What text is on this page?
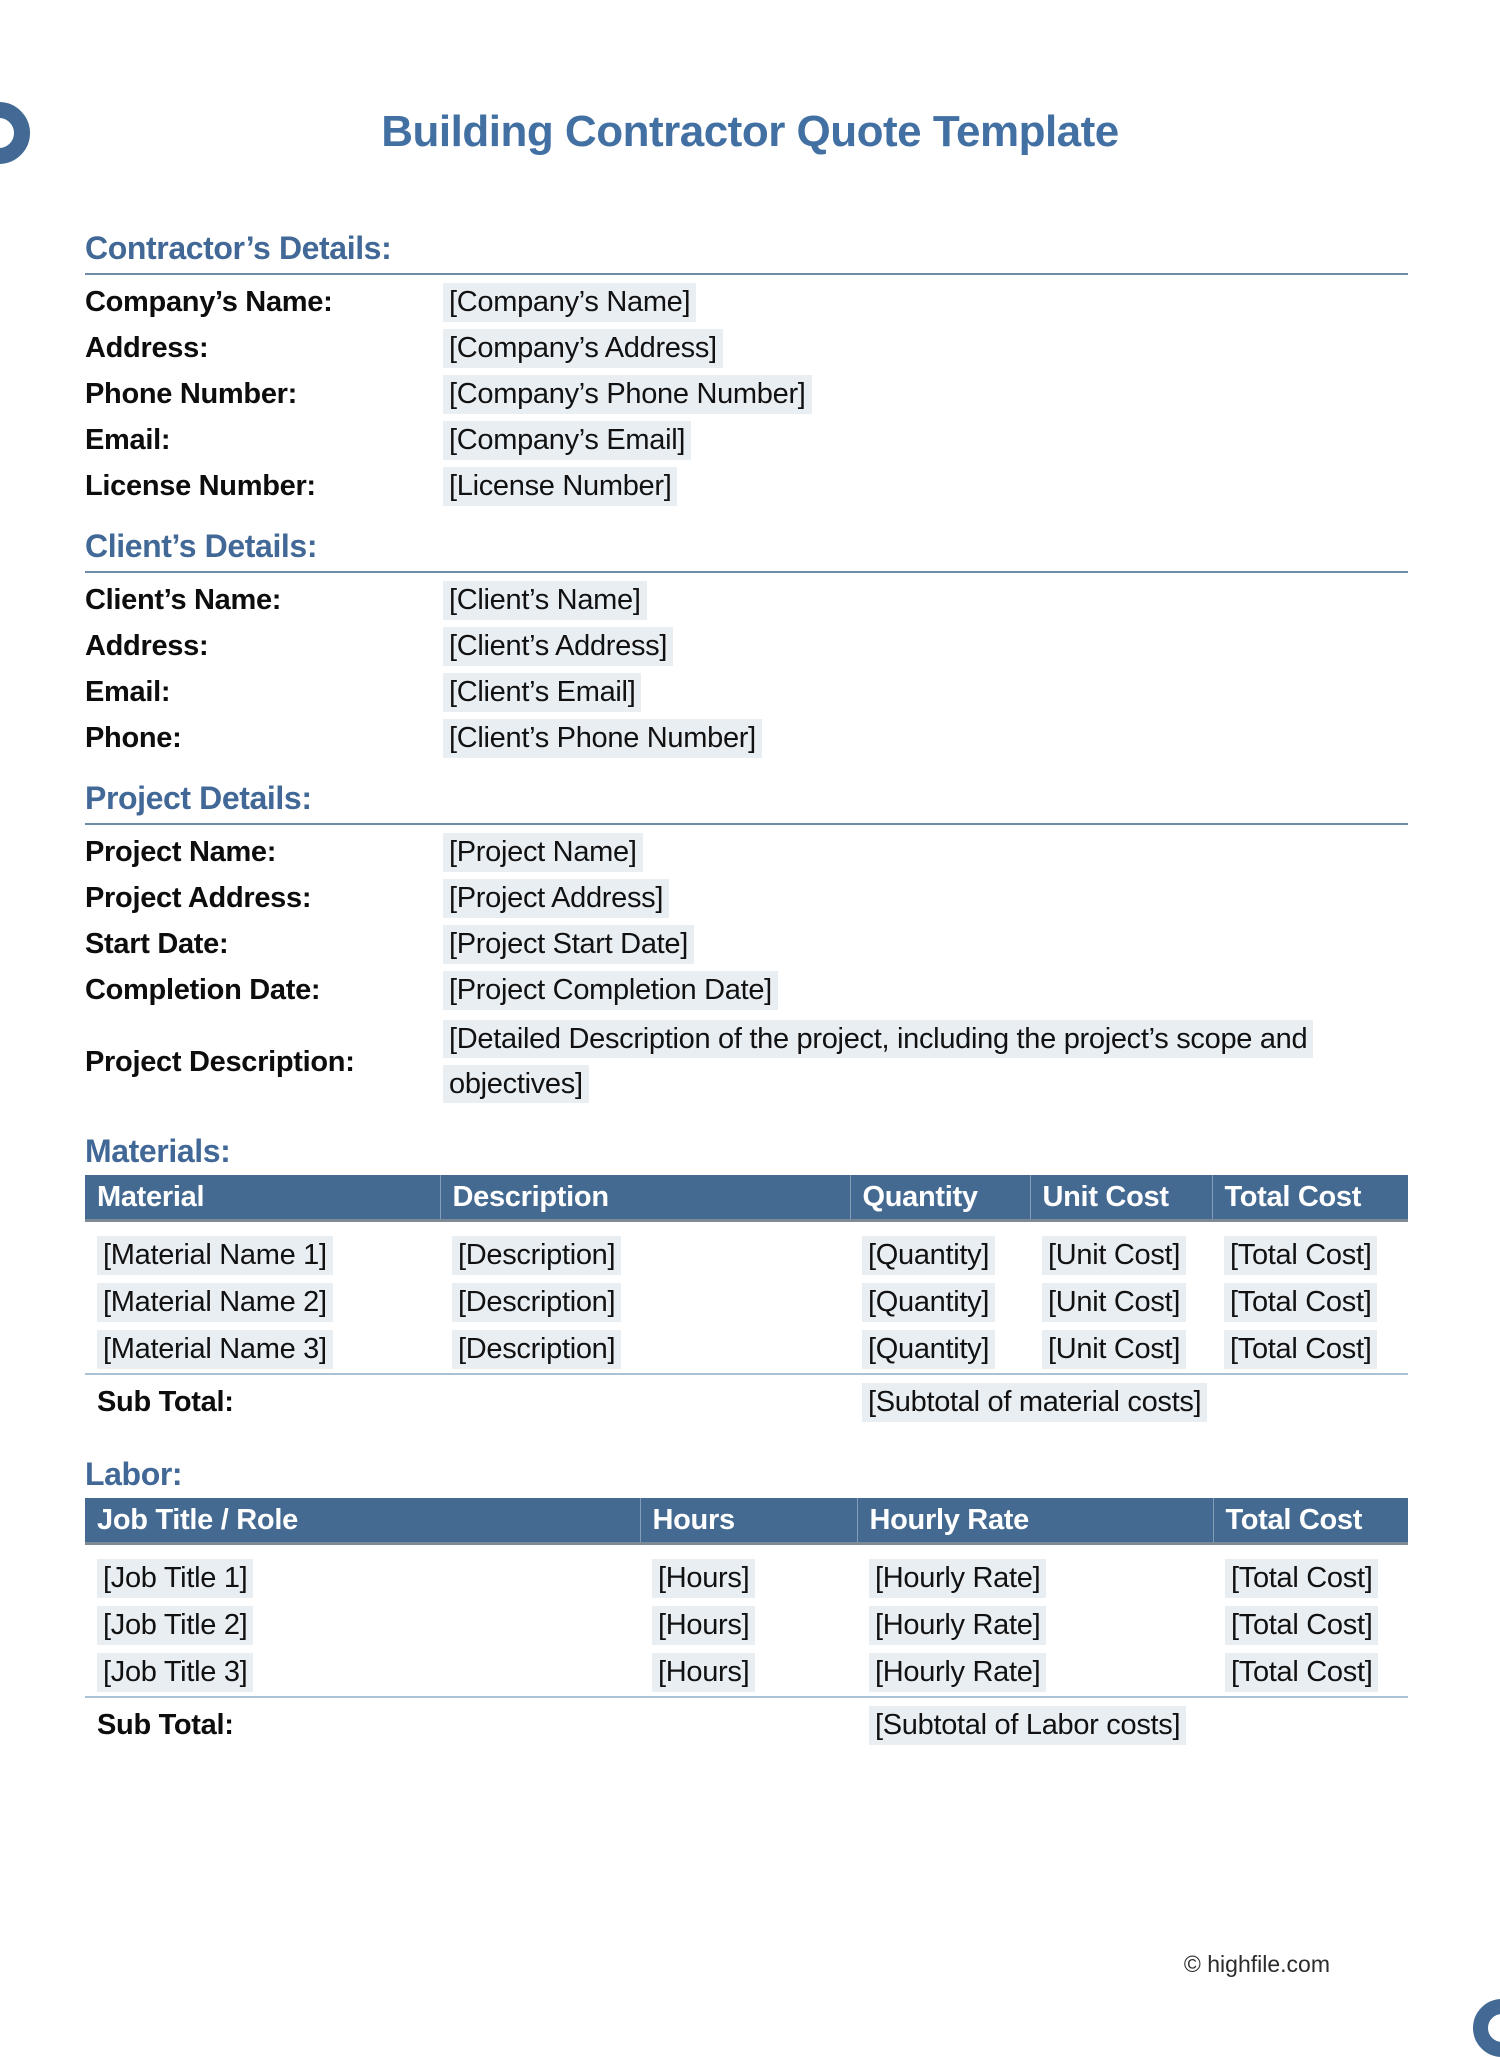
Building Contractor Quote Template
Contractor’s Details:
Company’s Name:	[Company’s Name]
Address:	[Company’s Address]
Phone Number:	[Company’s Phone Number]
Email:	[Company’s Email]
License Number:	[License Number]
Client’s Details:
Client’s Name:	[Client’s Name]
Address:	[Client’s Address]
Email:	[Client’s Email]
Phone:	[Client’s Phone Number]
Project Details:
Project Name:	[Project Name]
Project Address:	[Project Address]
Start Date:	[Project Start Date]
Completion Date:	[Project Completion Date]
Project Description:
[Detailed Description of the project, including the project’s scope and objectives]
Materials:
Material	Description	Quantity	Unit Cost	Total Cost
[Material Name 1]	[Description]	[Quantity]	[Unit Cost]	[Total Cost]
[Material Name 2]	[Description]	[Quantity]	[Unit Cost]	[Total Cost]
[Material Name 3]	[Description]	[Quantity]	[Unit Cost]	[Total Cost]
Sub Total:		[Subtotal of material costs]		
Labor:
Job Title / Role	Hours	Hourly Rate	Total Cost
[Job Title 1]	[Hours]	[Hourly Rate]	[Total Cost]
[Job Title 2]	[Hours]	[Hourly Rate]	[Total Cost]
[Job Title 3]	[Hours]	[Hourly Rate]	[Total Cost]
Sub Total:		[Subtotal of Labor costs]	
© highfile.com
